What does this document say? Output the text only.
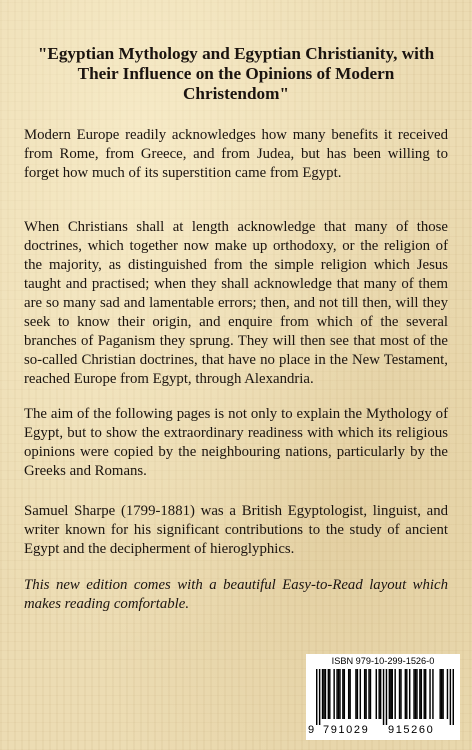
"Egyptian Mythology and Egyptian Christianity, with Their Influence on the Opinions of Modern Christendom"

Modern Europe readily acknowledges how many benefits it received from Rome, from Greece, and from Judea, but has been willing to forget how much of its superstition came from Egypt.

When Christians shall at length acknowledge that many of those doctrines, which together now make up orthodoxy, or the religion of the majority, as distinguished from the simple religion which Jesus taught and practised; when they shall acknowledge that many of them are so many sad and lamentable errors; then, and not till then, will they seek to know their origin, and enquire from which of the several branches of Paganism they sprung. They will then see that most of the so-called Christian doctrines, that have no place in the New Testament, reached Europe from Egypt, through Alexandria.

The aim of the following pages is not only to explain the Mythology of Egypt, but to show the extraordinary readiness with which its religious opinions were copied by the neighbouring nations, particularly by the Greeks and Romans.

Samuel Sharpe (1799-1881) was a British Egyptologist, linguist, and writer known for his significant contributions to the study of ancient Egypt and the decipherment of hieroglyphics.

This new edition comes with a beautiful Easy-to-Read layout which makes reading comfortable.

ISBN 979-10-299-1526-0
9 791029 915260
